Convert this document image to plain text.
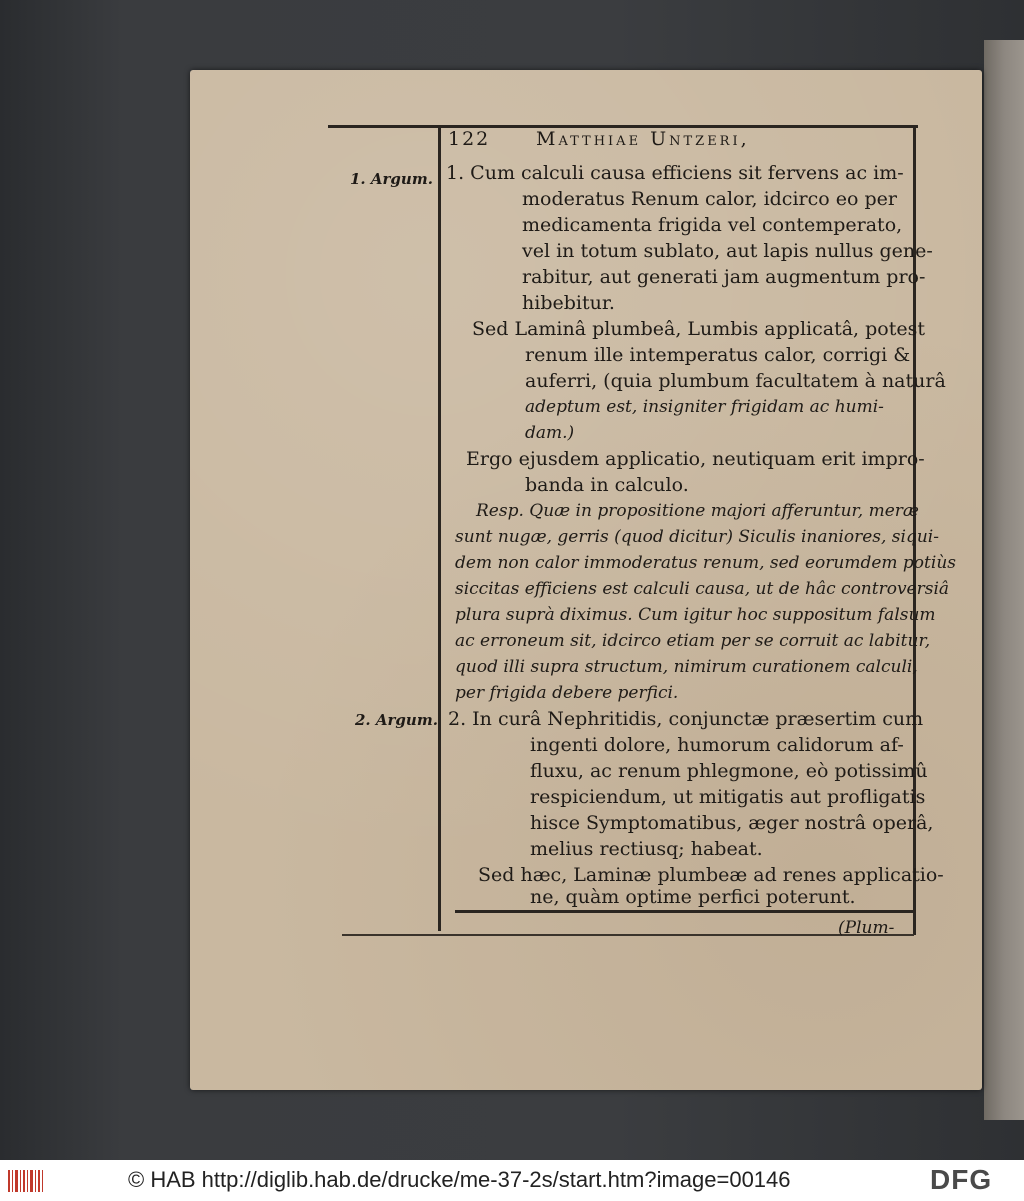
122 Matthiae Untzeri,
1. Argum.
2. Argum.
1. Cum calculi causa efficiens sit fervens ac im-
moderatus Renum calor, idcirco eo per
medicamenta frigida vel contemperato,
vel in totum sublato, aut lapis nullus gene-
rabitur, aut generati jam augmentum pro-
hibebitur.
Sed Laminâ plumbeâ, Lumbis applicatâ, potest
renum ille intemperatus calor, corrigi &
auferri, (quia plumbum facultatem à naturâ
adeptum est, insigniter frigidam ac humi-
dam.)
Ergo ejusdem applicatio, neutiquam erit impro-
banda in calculo.
Resp. Quæ in propositione majori afferuntur, meræ
sunt nugæ, gerris (quod dicitur) Siculis inaniores, siqui-
dem non calor immoderatus renum, sed eorumdem potiùs
siccitas efficiens est calculi causa, ut de hâc controversiâ
plura suprà diximus. Cum igitur hoc suppositum falsum
ac erroneum sit, idcirco etiam per se corruit ac labitur,
quod illi supra structum, nimirum curationem calculi,
per frigida debere perfici.
2. In curâ Nephritidis, conjunctæ præsertim cum
ingenti dolore, humorum calidorum af-
fluxu, ac renum phlegmone, eò potissimû
respiciendum, ut mitigatis aut profligatis
hisce Symptomatibus, æger nostrâ operâ,
melius rectiusq; habeat.
Sed hæc, Laminæ plumbeæ ad renes applicatio-
ne, quàm optime perfici poterunt.
(Plum-
© HAB http://diglib.hab.de/drucke/me-37-2s/start.htm?image=00146	DFG
